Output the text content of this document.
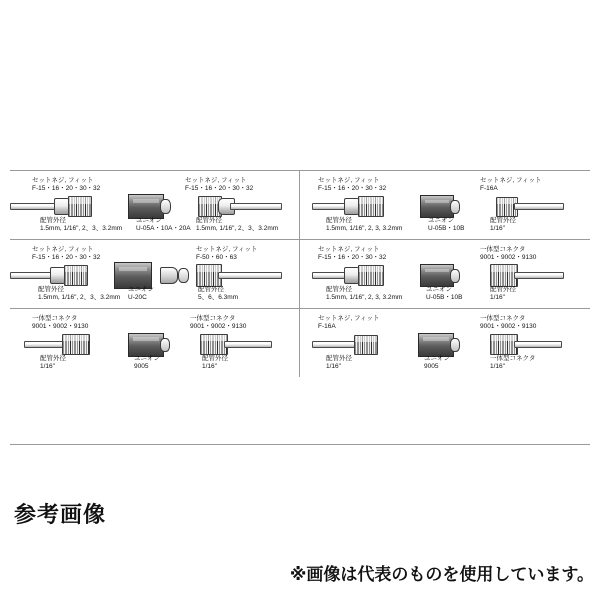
セットネジ, フィット
F-15・16・20・30・32
セットネジ, フィット
F-15・16・20・30・32
配管外径
1.5mm, 1/16", 2、3、3.2mm
ユニオン
U-05A・10A・20A
配管外径
1.5mm, 1/16", 2、3、3.2mm
セットネジ, フィット
F-15・16・20・30・32
セットネジ, フィット
F-16A
配管外径
1.5mm, 1/16", 2, 3, 3.2mm
ユニオン
U-05B・10B
配管外径
1/16"
セットネジ, フィット
F-15・16・20・30・32
セットネジ, フィット
F-50・60・63
配管外径
1.5mm, 1/16", 2、3、3.2mm
ユニオン
U-20C
配管外径
5、6、6.3mm
セットネジ, フィット
F-15・16・20・30・32
一体型コネクタ
9001・9002・9130
配管外径
1.5mm, 1/16", 2, 3, 3.2mm
ユニオン
U-05B・10B
配管外径
1/16"
一体型コネクタ
9001・9002・9130
一体型コネクタ
9001・9002・9130
配管外径
1/16"
ユニオン
9005
配管外径
1/16"
セットネジ, フィット
F-16A
一体型コネクタ
9001・9002・9130
配管外径
1/16"
ユニオン
9005
一体型コネクタ
1/16"
参考画像
※画像は代表のものを使用しています。
